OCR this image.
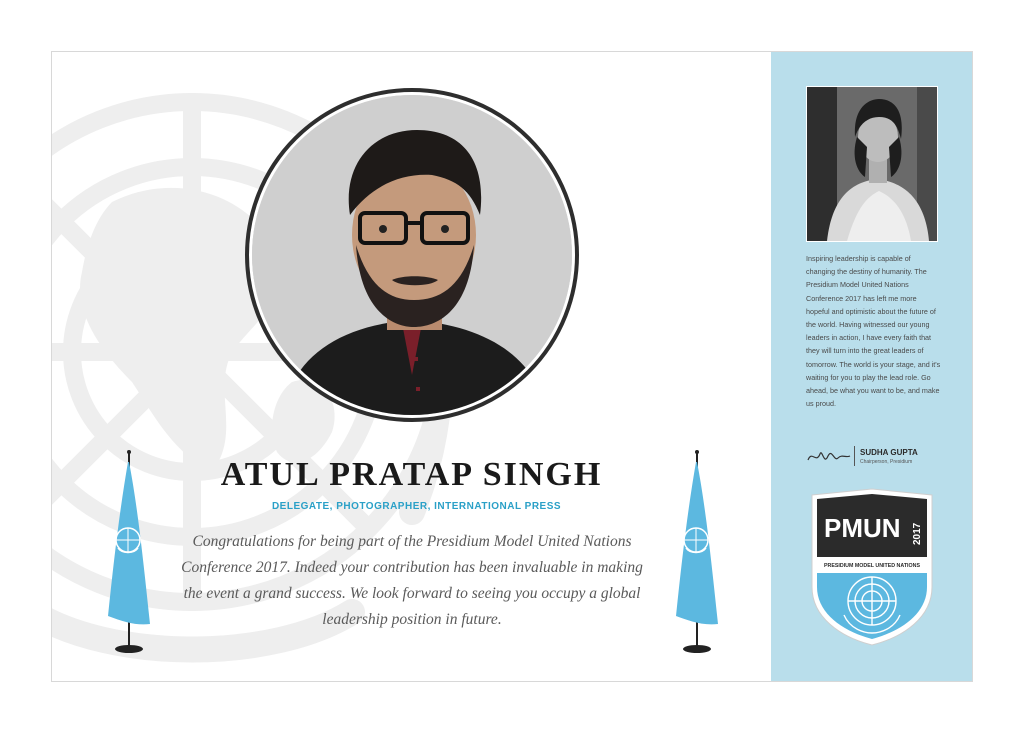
ATUL PRATAP SINGH
DELEGATE, PHOTOGRAPHER, INTERNATIONAL PRESS
Congratulations for being part of the Presidium Model United Nations Conference 2017. Indeed your contribution has been invaluable in making the event a grand success. We look forward to seeing you occupy a global leadership position in future.
Inspiring leadership is capable of changing the destiny of humanity. The Presidium Model United Nations Conference 2017 has left me more hopeful and optimistic about the future of the world. Having witnessed our young leaders in action, I have every faith that they will turn into the great leaders of tomorrow. The world is your stage, and it's waiting for you to play the lead role. Go ahead, be what you want to be, and make us proud.
SUDHA GUPTA
Chairperson, Presidium
PMUN 2017
PRESIDIUM MODEL UNITED NATIONS
